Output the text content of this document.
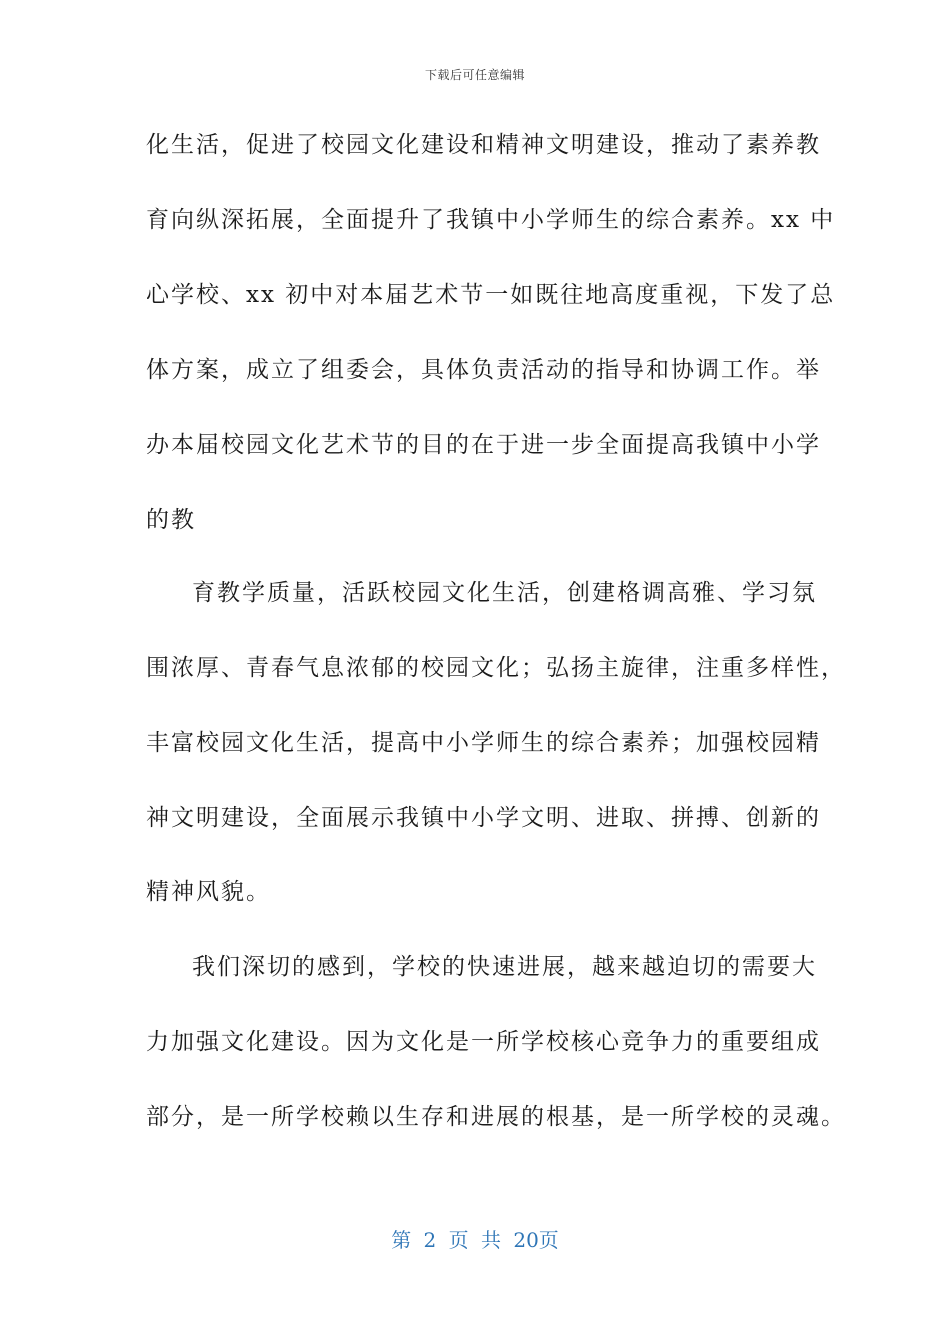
下载后可任意编辑
化生活，促进了校园文化建设和精神文明建设，推动了素养教
育向纵深拓展，全面提升了我镇中小学师生的综合素养。xx 中
心学校、xx 初中对本届艺术节一如既往地高度重视，下发了总
体方案，成立了组委会，具体负责活动的指导和协调工作。举
办本届校园文化艺术节的目的在于进一步全面提高我镇中小学
的教
育教学质量，活跃校园文化生活，创建格调高雅、学习氛
围浓厚、青春气息浓郁的校园文化；弘扬主旋律，注重多样性，
丰富校园文化生活，提高中小学师生的综合素养；加强校园精
神文明建设，全面展示我镇中小学文明、进取、拼搏、创新的
精神风貌。
我们深切的感到，学校的快速进展，越来越迫切的需要大
力加强文化建设。因为文化是一所学校核心竞争力的重要组成
部分，是一所学校赖以生存和进展的根基，是一所学校的灵魂。
第 2 页 共 20页
